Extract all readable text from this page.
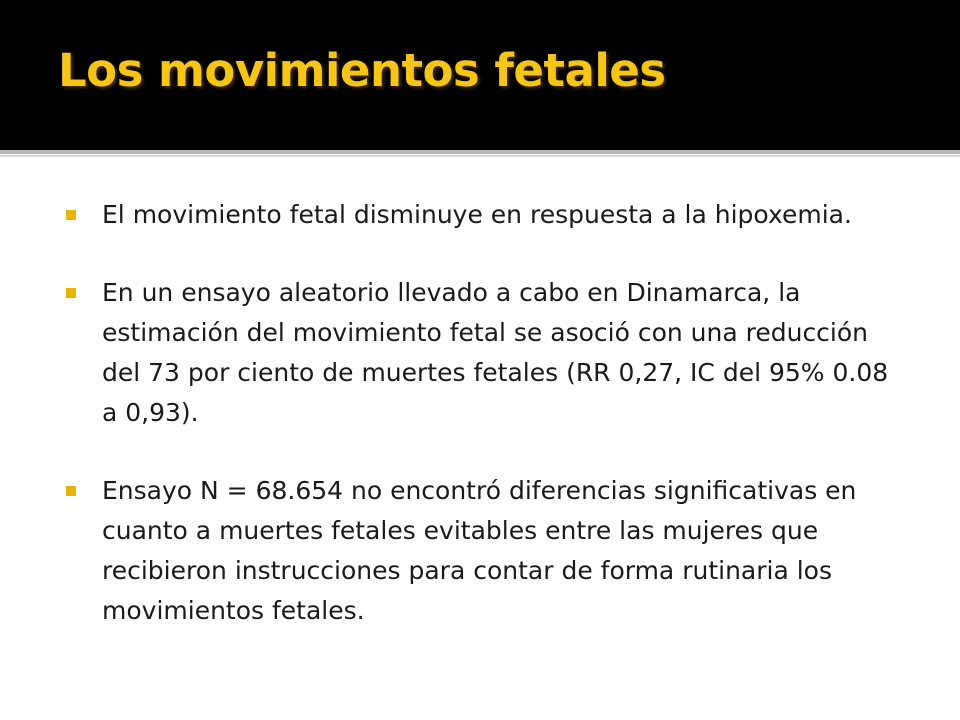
Los movimientos fetales
El movimiento fetal disminuye en respuesta a la hipoxemia.
En un ensayo aleatorio llevado a cabo en Dinamarca, la estimación del movimiento fetal se asoció con una reducción del 73 por ciento de muertes fetales (RR 0,27, IC del 95% 0.08 a 0,93).
Ensayo N = 68.654 no encontró diferencias significativas en cuanto a muertes fetales evitables entre las mujeres que recibieron instrucciones para contar de forma rutinaria los movimientos fetales.
